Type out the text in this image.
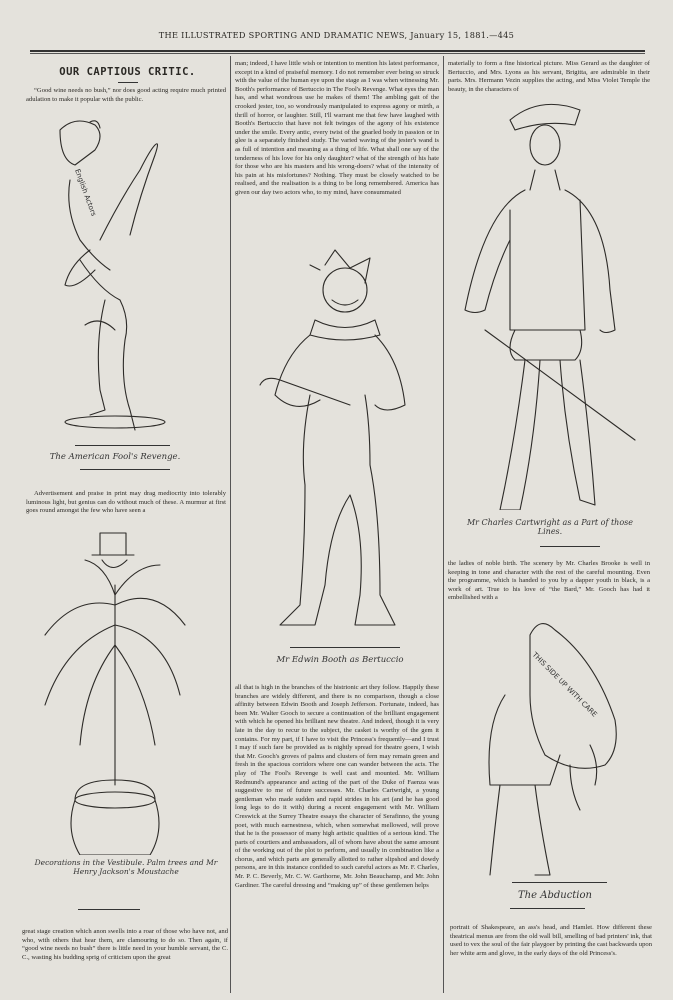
THE ILLUSTRATED SPORTING AND DRAMATIC NEWS, January 15, 1881.—445
OUR CAPTIOUS CRITIC.

“Good wine needs no bush,” nor does good acting require much printed adulation to make it popular with the public.

English Actors
The American Fool's Revenge.

Advertisement and praise in print may drag mediocrity into tolerably luminous light, but genius can do without much of these. A murmur at first goes round amongst the few who have seen a

Decorations in the Vestibule. Palm trees and Mr Henry Jackson's Moustache

great stage creation which anon swells into a roar of those who have not, and who, with others that hear them, are clamouring to do so. Then again, if “good wine needs no bush” there is little need in your humble servant, the C. C., wasting his budding sprig of criticism upon the great

man; indeed, I have little wish or intention to mention his latest performance, except in a kind of praiseful memory. I do not remember ever being so struck with the value of the human eye upon the stage as I was when witnessing Mr. Booth's performance of Bertuccio in The Fool's Revenge. What eyes the man has, and what wondrous use he makes of them! The ambling gait of the crooked jester, too, so wondrously manipulated to express agony or mirth, a thrill of horror, or laughter. Still, I'll warrant me that few have laughed with Booth's Bertuccio that have not felt twinges of the agony of his existence under the smile. Every antic, every twist of the gnarled body in passion or in glee is a separately finished study. The varied waving of the jester's wand is as full of intention and meaning as a thing of life. What shall one say of the tenderness of his love for his only daughter? what of the strength of his hate for those who are his masters and his wrong-doers? what of the intensity of his pain at his misfortunes? Nothing. They must be closely watched to be realised, and the realisation is a thing to be long remembered. America has given our day two actors who, to my mind, have consummated

Mr Edwin Booth as Bertuccio

all that is high in the branches of the histrionic art they follow. Happily these branches are widely different, and there is no comparison, though a close affinity between Edwin Booth and Joseph Jefferson. Fortunate, indeed, has been Mr. Walter Gooch to secure a continuation of the brilliant engagement with which he opened his brilliant new theatre. And indeed, though it is very late in the day to recur to the subject, the casket is worthy of the gem it contains. For my part, if I have to visit the Princess's frequently—and I trust I may if such fare be provided as is nightly spread for theatre goers, I wish that Mr. Gooch's groves of palms and clusters of fern may remain green and fresh in the spacious corridors where one can wander between the acts. The play of The Fool's Revenge is well cast and mounted. Mr. William Redmund's appearance and acting of the part of the Duke of Faenza was suggestive to me of future successes. Mr. Charles Cartwright, a young gentleman who made sudden and rapid strides in his art (and he has good long legs to do it with) during a recent engagement with Mr. William Creswick at the Surrey Theatre essays the character of Serafinno, the young poet, with much earnestness, which, when somewhat mellowed, will prove that he is the possessor of many high artistic qualities of a serious kind. The parts of courtiers and ambassadors, all of whom have about the same amount of the working out of the plot to perform, and usually in combination like a chorus, and which parts are generally allotted to rather slipshod and dowdy persons, are in this instance confided to such careful actors as Mr. F. Charles, Mr. P. C. Beverly, Mr. C. W. Garthorne, Mr. John Beauchamp, and Mr. John Gardiner. The careful dressing and “making up” of these gentlemen helps

materially to form a fine historical picture. Miss Gerard as the daughter of Bertuccio, and Mrs. Lyons as his servant, Brigitta, are admirable in their parts. Mrs. Hermann Vezin supplies the acting, and Miss Violet Temple the beauty, in the characters of

Mr Charles Cartwright as a Part of those Lines.

the ladies of noble birth. The scenery by Mr. Charles Brooke is well in keeping in tone and character with the rest of the careful mounting. Even the programme, which is handed to you by a dapper youth in black, is a work of art. True to his love of “the Bard,” Mr. Gooch has had it embellished with a

THIS SIDE UP WITH CARE
The Abduction

portrait of Shakespeare, an ass's head, and Hamlet. How different these theatrical menus are from the old wall bill, smelling of bad printers' ink, that used to vex the soul of the fair playgoer by printing the cast backwards upon her white arm and glove, in the early days of the old Princess's.
